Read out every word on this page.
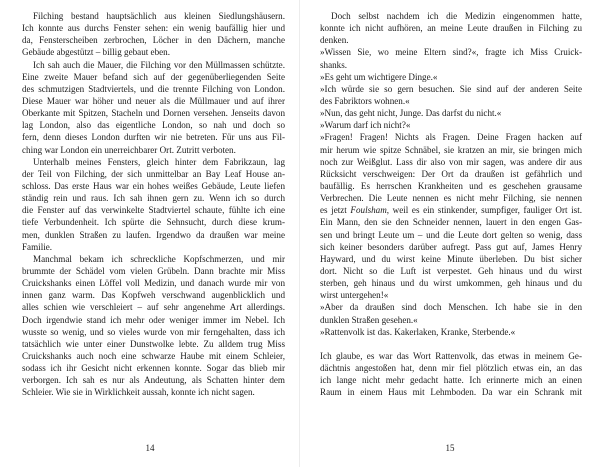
Filching bestand hauptsächlich aus kleinen Siedlungshäusern.
Ich konnte aus durchs Fenster sehen: ein wenig baufällig hier und
da, Fensterscheiben zerbrochen, Löcher in den Dächern, manche
Gebäude abgestützt – billig gebaut eben.
Ich sah auch die Mauer, die Filching vor den Müllmassen schützte.
Eine zweite Mauer befand sich auf der gegenüberliegenden Seite
des schmutzigen Stadtviertels, und die trennte Filching von London.
Diese Mauer war höher und neuer als die Müllmauer und auf ihrer
Oberkante mit Spitzen, Stacheln und Dornen versehen. Jenseits davon
lag London, also das eigentliche London, so nah und doch so
fern, denn dieses London durften wir nie betreten. Für uns aus Fil-
ching war London ein unerreichbarer Ort. Zutritt verboten.
Unterhalb meines Fensters, gleich hinter dem Fabrikzaun, lag
der Teil von Filching, der sich unmittelbar an Bay Leaf House an-
schloss. Das erste Haus war ein hohes weißes Gebäude, Leute liefen
ständig rein und raus. Ich sah ihnen gern zu. Wenn ich so durch
die Fenster auf das verwinkelte Stadtviertel schaute, fühlte ich eine
tiefe Verbundenheit. Ich spürte die Sehnsucht, durch diese krum-
men, dunklen Straßen zu laufen. Irgendwo da draußen war meine
Familie.
Manchmal bekam ich schreckliche Kopfschmerzen, und mir
brummte der Schädel vom vielen Grübeln. Dann brachte mir Miss
Cruickshanks einen Löffel voll Medizin, und danach wurde mir von
innen ganz warm. Das Kopfweh verschwand augenblicklich und
alles schien wie verschleiert – auf sehr angenehme Art allerdings.
Doch irgendwie stand ich mehr oder weniger immer im Nebel. Ich
wusste so wenig, und so vieles wurde von mir ferngehalten, dass ich
tatsächlich wie unter einer Dunstwolke lebte. Zu alldem trug Miss
Cruickshanks auch noch eine schwarze Haube mit einem Schleier,
sodass ich ihr Gesicht nicht erkennen konnte. Sogar das blieb mir
verborgen. Ich sah es nur als Andeutung, als Schatten hinter dem
Schleier. Wie sie in Wirklichkeit aussah, konnte ich nicht sagen.
14
Doch selbst nachdem ich die Medizin eingenommen hatte,
konnte ich nicht aufhören, an meine Leute draußen in Filching zu
denken.
»Wissen Sie, wo meine Eltern sind?«, fragte ich Miss Cruick-
shanks.
»Es geht um wichtigere Dinge.«
»Ich würde sie so gern besuchen. Sie sind auf der anderen Seite
des Fabriktors wohnen.«
»Nun, das geht nicht, Junge. Das darfst du nicht.«
»Warum darf ich nicht?«
»Fragen! Fragen! Nichts als Fragen. Deine Fragen hacken auf
mir herum wie spitze Schnäbel, sie kratzen an mir, sie bringen mich
noch zur Weißglut. Lass dir also von mir sagen, was andere dir aus
Rücksicht verschweigen: Der Ort da draußen ist gefährlich und
baufällig. Es herrschen Krankheiten und es geschehen grausame
Verbrechen. Die Leute nennen es nicht mehr Filching, sie nennen
es jetzt Foulsham, weil es ein stinkender, sumpfiger, fauliger Ort ist.
Ein Mann, den sie den Schneider nennen, lauert in den engen Gas-
sen und bringt Leute um – und die Leute dort gelten so wenig, dass
sich keiner besonders darüber aufregt. Pass gut auf, James Henry
Hayward, und du wirst keine Minute überleben. Du bist sicher
dort. Nicht so die Luft ist verpestet. Geh hinaus und du wirst
sterben, geh hinaus und du wirst umkommen, geh hinaus und du
wirst untergehen!«
»Aber da draußen sind doch Menschen. Ich habe sie in den
dunklen Straßen gesehen.«
»Rattenvolk ist das. Kakerlaken, Kranke, Sterbende.«
Ich glaube, es war das Wort Rattenvolk, das etwas in meinem Ge-
dächtnis angestoßen hat, denn mir fiel plötzlich etwas ein, an das
ich lange nicht mehr gedacht hatte. Ich erinnerte mich an einen
Raum in einem Haus mit Lehmboden. Da war ein Schrank mit
15
